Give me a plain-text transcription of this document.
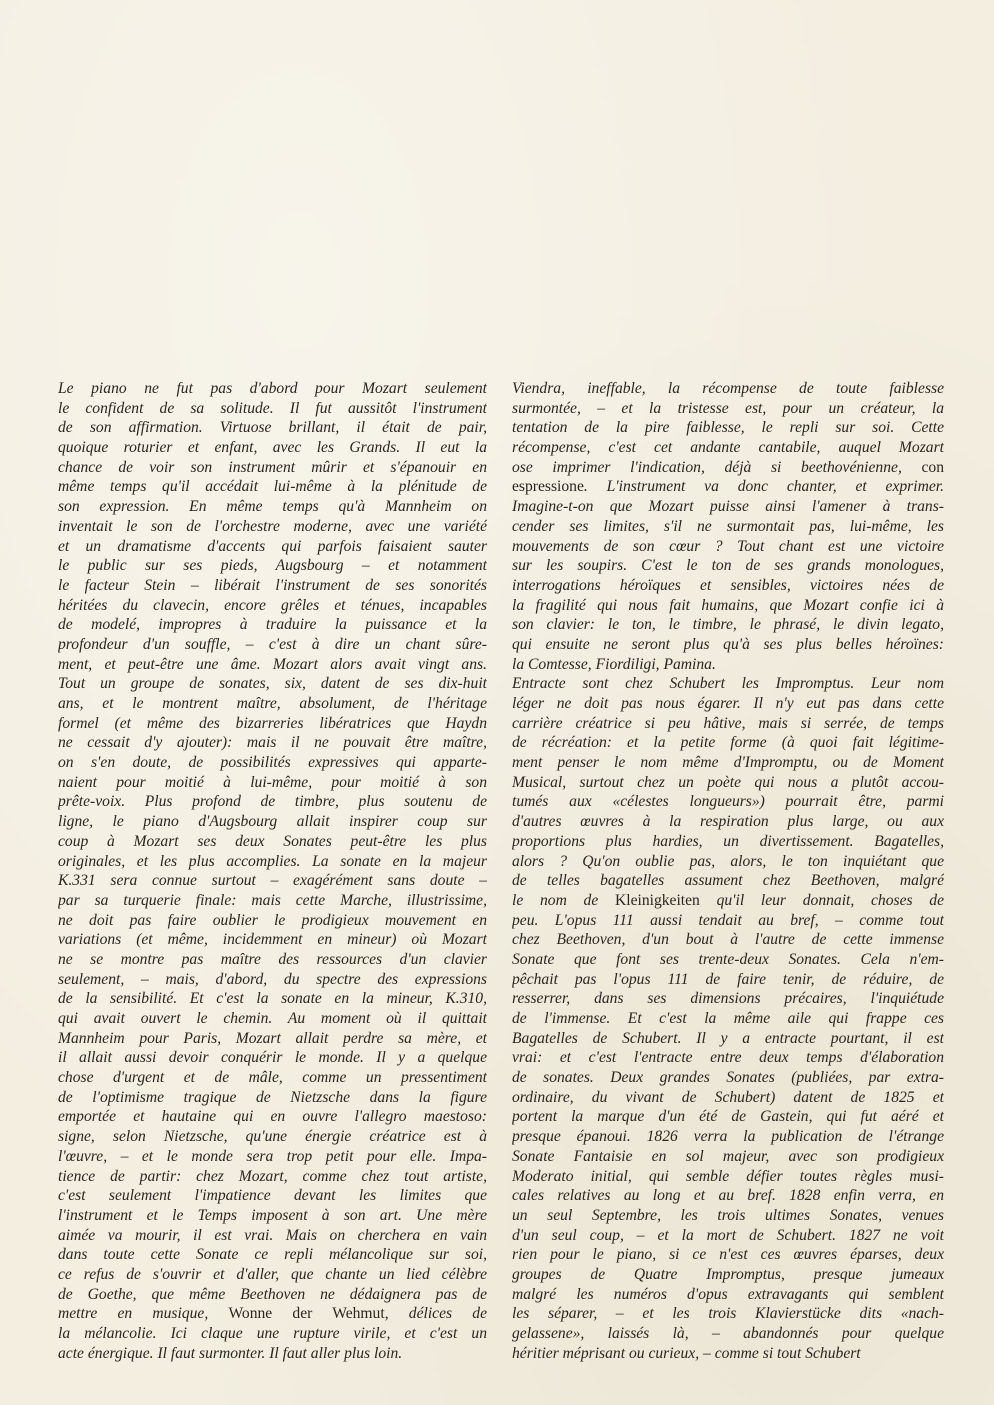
Le piano ne fut pas d'abord pour Mozart seulement
le confident de sa solitude. Il fut aussitôt l'instrument
de son affirmation. Virtuose brillant, il était de pair,
quoique roturier et enfant, avec les Grands. Il eut la
chance de voir son instrument mûrir et s'épanouir en
même temps qu'il accédait lui-même à la plénitude de
son expression. En même temps qu'à Mannheim on
inventait le son de l'orchestre moderne, avec une variété
et un dramatisme d'accents qui parfois faisaient sauter
le public sur ses pieds, Augsbourg – et notamment
le facteur Stein – libérait l'instrument de ses sonorités
héritées du clavecin, encore grêles et ténues, incapables
de modelé, impropres à traduire la puissance et la
profondeur d'un souffle, – c'est à dire un chant sûre-
ment, et peut-être une âme. Mozart alors avait vingt ans.
Tout un groupe de sonates, six, datent de ses dix-huit
ans, et le montrent maître, absolument, de l'héritage
formel (et même des bizarreries libératrices que Haydn
ne cessait d'y ajouter): mais il ne pouvait être maître,
on s'en doute, de possibilités expressives qui apparte-
naient pour moitié à lui-même, pour moitié à son
prête-voix. Plus profond de timbre, plus soutenu de
ligne, le piano d'Augsbourg allait inspirer coup sur
coup à Mozart ses deux Sonates peut-être les plus
originales, et les plus accomplies. La sonate en la majeur
K.331 sera connue surtout – exagérément sans doute –
par sa turquerie finale: mais cette Marche, illustrissime,
ne doit pas faire oublier le prodigieux mouvement en
variations (et même, incidemment en mineur) où Mozart
ne se montre pas maître des ressources d'un clavier
seulement, – mais, d'abord, du spectre des expressions
de la sensibilité. Et c'est la sonate en la mineur, K.310,
qui avait ouvert le chemin. Au moment où il quittait
Mannheim pour Paris, Mozart allait perdre sa mère, et
il allait aussi devoir conquérir le monde. Il y a quelque
chose d'urgent et de mâle, comme un pressentiment
de l'optimisme tragique de Nietzsche dans la figure
emportée et hautaine qui en ouvre l'allegro maestoso:
signe, selon Nietzsche, qu'une énergie créatrice est à
l'œuvre, – et le monde sera trop petit pour elle. Impa-
tience de partir: chez Mozart, comme chez tout artiste,
c'est seulement l'impatience devant les limites que
l'instrument et le Temps imposent à son art. Une mère
aimée va mourir, il est vrai. Mais on cherchera en vain
dans toute cette Sonate ce repli mélancolique sur soi,
ce refus de s'ouvrir et d'aller, que chante un lied célèbre
de Goethe, que même Beethoven ne dédaignera pas de
mettre en musique, Wonne der Wehmut, délices de
la mélancolie. Ici claque une rupture virile, et c'est un
acte énergique. Il faut surmonter. Il faut aller plus loin.
Viendra, ineffable, la récompense de toute faiblesse
surmontée, – et la tristesse est, pour un créateur, la
tentation de la pire faiblesse, le repli sur soi. Cette
récompense, c'est cet andante cantabile, auquel Mozart
ose imprimer l'indication, déjà si beethovénienne, con
espressione. L'instrument va donc chanter, et exprimer.
Imagine-t-on que Mozart puisse ainsi l'amener à trans-
cender ses limites, s'il ne surmontait pas, lui-même, les
mouvements de son cœur ? Tout chant est une victoire
sur les soupirs. C'est le ton de ses grands monologues,
interrogations héroïques et sensibles, victoires nées de
la fragilité qui nous fait humains, que Mozart confie ici à
son clavier: le ton, le timbre, le phrasé, le divin legato,
qui ensuite ne seront plus qu'à ses plus belles héroïnes:
la Comtesse, Fiordiligi, Pamina.
Entracte sont chez Schubert les Impromptus. Leur nom
léger ne doit pas nous égarer. Il n'y eut pas dans cette
carrière créatrice si peu hâtive, mais si serrée, de temps
de récréation: et la petite forme (à quoi fait légitime-
ment penser le nom même d'Impromptu, ou de Moment
Musical, surtout chez un poète qui nous a plutôt accou-
tumés aux «célestes longueurs») pourrait être, parmi
d'autres œuvres à la respiration plus large, ou aux
proportions plus hardies, un divertissement. Bagatelles,
alors ? Qu'on oublie pas, alors, le ton inquiétant que
de telles bagatelles assument chez Beethoven, malgré
le nom de Kleinigkeiten qu'il leur donnait, choses de
peu. L'opus 111 aussi tendait au bref, – comme tout
chez Beethoven, d'un bout à l'autre de cette immense
Sonate que font ses trente-deux Sonates. Cela n'em-
pêchait pas l'opus 111 de faire tenir, de réduire, de
resserrer, dans ses dimensions précaires, l'inquiétude
de l'immense. Et c'est la même aile qui frappe ces
Bagatelles de Schubert. Il y a entracte pourtant, il est
vrai: et c'est l'entracte entre deux temps d'élaboration
de sonates. Deux grandes Sonates (publiées, par extra-
ordinaire, du vivant de Schubert) datent de 1825 et
portent la marque d'un été de Gastein, qui fut aéré et
presque épanoui. 1826 verra la publication de l'étrange
Sonate Fantaisie en sol majeur, avec son prodigieux
Moderato initial, qui semble défier toutes règles musi-
cales relatives au long et au bref. 1828 enfin verra, en
un seul Septembre, les trois ultimes Sonates, venues
d'un seul coup, – et la mort de Schubert. 1827 ne voit
rien pour le piano, si ce n'est ces œuvres éparses, deux
groupes de Quatre Impromptus, presque jumeaux
malgré les numéros d'opus extravagants qui semblent
les séparer, – et les trois Klavierstücke dits «nach-
gelassene», laissés là, – abandonnés pour quelque
héritier méprisant ou curieux, – comme si tout Schubert
